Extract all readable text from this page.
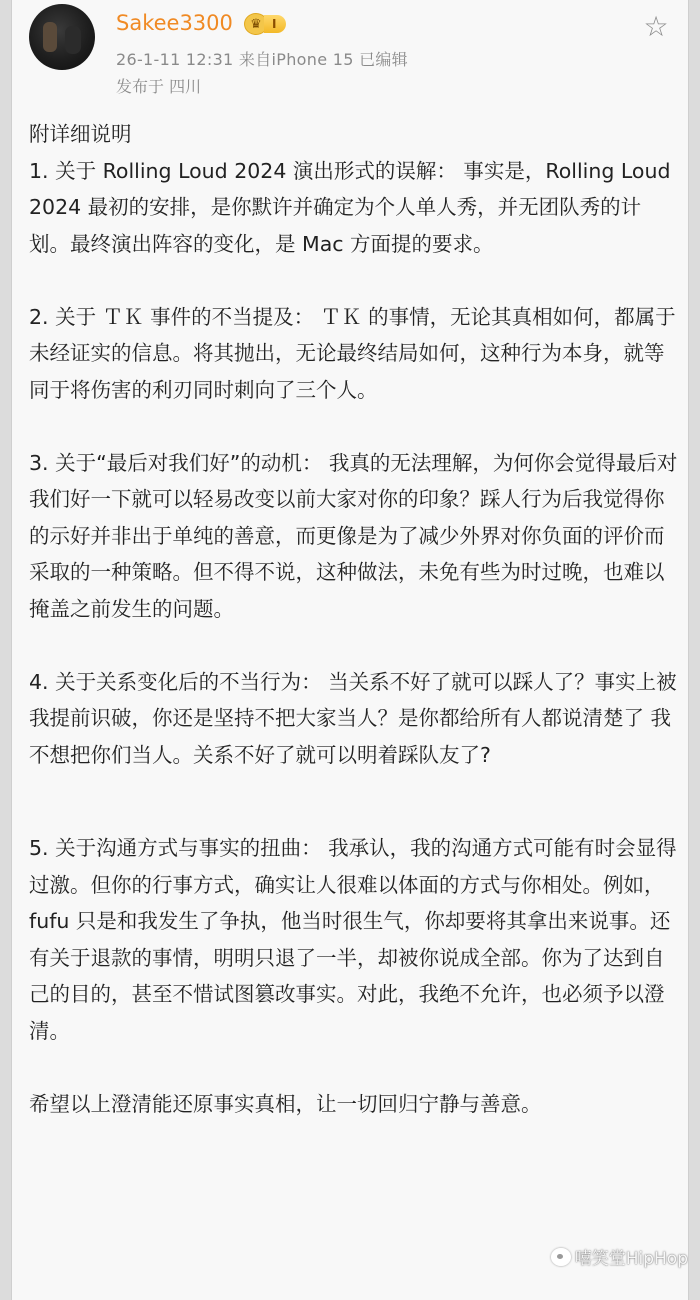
Sakee3300	♛ I
26-1-11 12:31 来自iPhone 15 已编辑
发布于 四川
☆

附详细说明

1. 关于 Rolling Loud 2024 演出形式的误解： 事实是，Rolling Loud 2024 最初的安排，是你默许并确定为个人单人秀，并无团队秀的计划。最终演出阵容的变化，是 Mac 方面提的要求。

2. 关于 ＴＫ 事件的不当提及： ＴＫ 的事情，无论其真相如何，都属于未经证实的信息。将其抛出，无论最终结局如何，这种行为本身，就等同于将伤害的利刃同时刺向了三个人。

3. 关于“最后对我们好”的动机： 我真的无法理解，为何你会觉得最后对我们好一下就可以轻易改变以前大家对你的印象？踩人行为后我觉得你的示好并非出于单纯的善意，而更像是为了减少外界对你负面的评价而采取的一种策略。但不得不说，这种做法，未免有些为时过晚，也难以掩盖之前发生的问题。

4. 关于关系变化后的不当行为： 当关系不好了就可以踩人了？事实上被我提前识破，你还是坚持不把大家当人？是你都给所有人都说清楚了 我不想把你们当人。关系不好了就可以明着踩队友了?

5. 关于沟通方式与事实的扭曲： 我承认，我的沟通方式可能有时会显得过激。但你的行事方式，确实让人很难以体面的方式与你相处。例如，fufu 只是和我发生了争执，他当时很生气，你却要将其拿出来说事。还有关于退款的事情，明明只退了一半，却被你说成全部。你为了达到自己的目的，甚至不惜试图篡改事实。对此，我绝不允许，也必须予以澄清。

希望以上澄清能还原事实真相，让一切回归宁静与善意。

嘻笑堂HipHop
